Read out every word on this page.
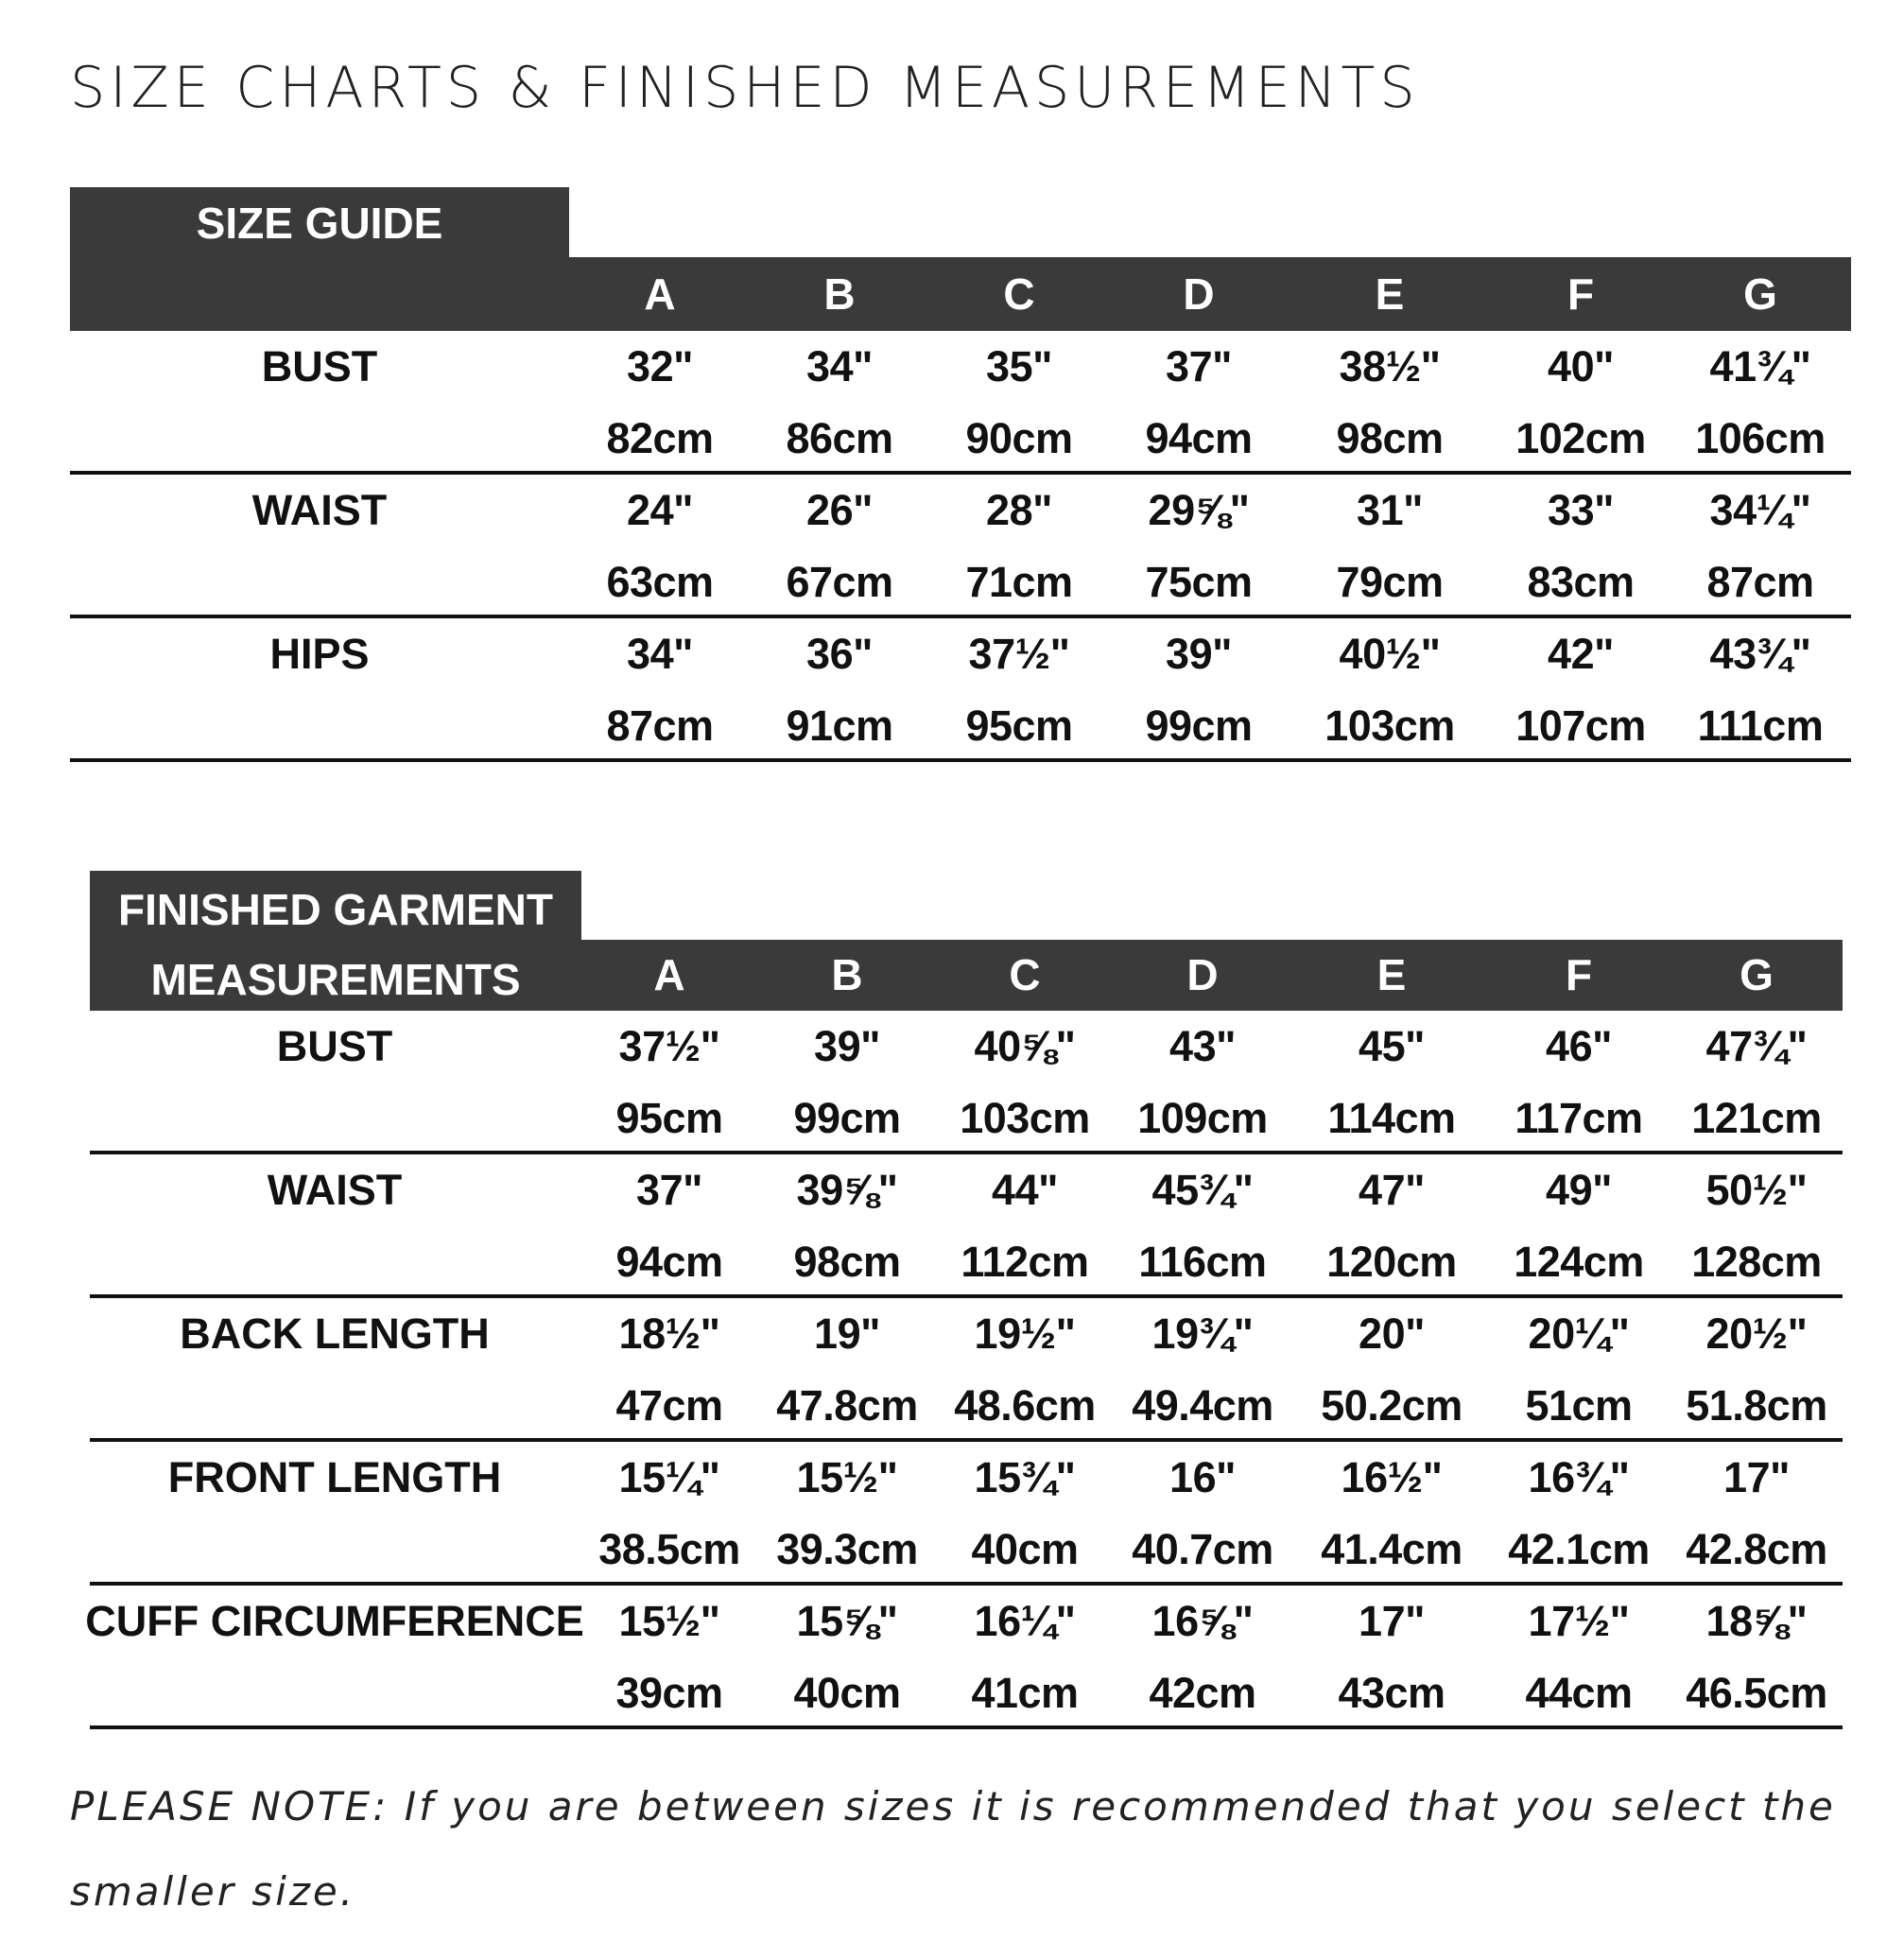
SIZE CHARTS & FINISHED MEASUREMENTS
SIZE GUIDE
A	B	C	D	E	F	G
BUST	32"	34"	35"	37"	38½"	40" 41¾"
82cm 86cm 90cm 94cm 98cm 102cm 106cm
WAIST	24"	26"	28" 29⅝"	31"	33" 34¼"
63cm 67cm 71cm 75cm 79cm 83cm 87cm
HIPS	34"	36" 37½" 39"	40½"	42" 43¾"
87cm 91cm 95cm 99cm 103cm 107cm 111cm
FINISHED GARMENT
MEASUREMENTS	A	B	C	D	E	F	G
BUST	37½" 39" 40⅝" 43"	45"	46" 47¾"
95cm 99cm 103cm 109cm 114cm 117cm 121cm
WAIST	37" 39⅝" 44" 45¾" 47"	49" 50½"
94cm 98cm 112cm 116cm 120cm 124cm 128cm
BACK LENGTH	18½" 19" 19½" 19¾" 20" 20¼" 20½"
47cm 47.8cm 48.6cm 49.4cm 50.2cm 51cm 51.8cm
FRONT LENGTH	15¼" 15½" 15¾" 16" 16½" 16¾" 17"
38.5cm 39.3cm 40cm 40.7cm 41.4cm 42.1cm 42.8cm
CUFF CIRCUMFERENCE 15½" 15⅝" 16¼" 16⅝" 17" 17½" 18⅝"
39cm 40cm 41cm 42cm 43cm 44cm 46.5cm
PLEASE NOTE: If you are between sizes it is recommended that you select the smaller size.
